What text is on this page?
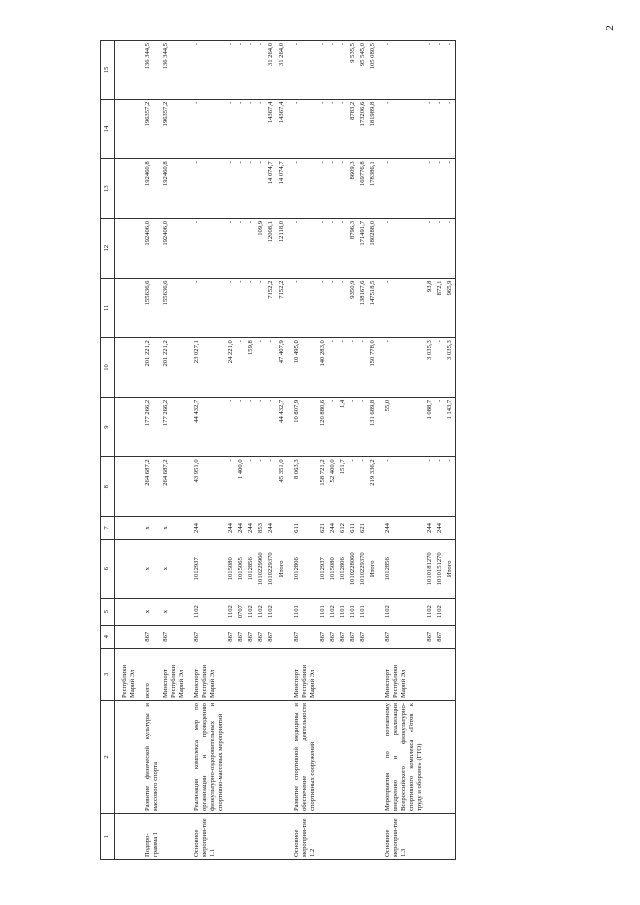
2
1	2	3	4	5	6	7	8	9	10	11	12	13	14	15
		Республики Марий Эл												
Подпро-грамма 1	Развитие физической культуры и массового спорта	всего	867	x	x	x	264 687,2	177 266,2	201 221,2	155636,6	192406,0	192460,8	196357,2	136 344,5
		Минспорт Республики Марий Эл	867	x	x	x	264 687,2	177 266,2	201 221,2	155636,6	192406,0	192460,8	196357,2	136 344,5
Основное мероприя-тие 1.1	Реализация комплекса мер по организации и проведению физкультурно-оздоровительных и спортивно-массовых мероприятий	Минспорт Республики Марий Эл	867	1102	1012937	244	43 951,0	44 432,7	23 027,1	-	-	-	-	-
			867	1102	1015080	244	-	-	24 221,0	-	-	-	-	-
			867	0707	1015065	244	1 400,0	-	-	-	-	-	-	-
			867	1102	1012856	244	-	-	159,8	-	-	-	-	-
			867	1102	1010229960	853	-	-	-	-	109,9	-	-	-
			867	1102	1010229370	244	-	-	-	7152,2	12008,1	14 074,7	14367,4	31 264,0
					Итого		45 351,0	44 432,7	47 407,9	7152,2	12118,0	14 074,7	14367,4	31 264,0
Основное мероприя-тие 1.2	Развитие спортивной медицины и обеспечение деятельности спортивных сооружений	Минспорт Республики Марий Эл	867	1101	1012806	611	8 063,3	10 807,9	10 495,0	-	-	-	-	-
			867	1101	1012937	621	158 721,2	120 880,6	140 283,0	-	-	-	-	-
			867	1102	1015080	244	52 400,0	-	-	-	-	-	-	-
			867	1101	1012806	612	151,7	1,4	-	-	-	-	-	-
			867	1101	1010228060	611	-	-	-	9350,9	8796,3	8609,3	8783,2	9 535,5
			867	1101	1010229370	621	-	-	-	138167,6	171491,7	169776,8	173206,6	95 545,0
					Итого		219 336,2	131 689,8	150 778,0	147518,5	180288,0	178386,1	181989,8	105 080,5
Основное мероприя-тие 1.3	Мероприятия по поэтапному внедрению и реализации Всероссийского физкультурно-спортивного комплекса «Готов к труду и обороне» (ГТО)	Минспорт Республики Марий Эл	867	1102	1012856	244	-	55,0	-	-	-	-	-	-
			867	1102	1010181270	244	-	1 088,7	3 035,3	93,8	-	-	-	-
			867	1102	1010151270	244	-	-	-	872,1	-	-	-	-
					Итого		-	1 143,7	3 035,3	965,9	-	-	-	-
